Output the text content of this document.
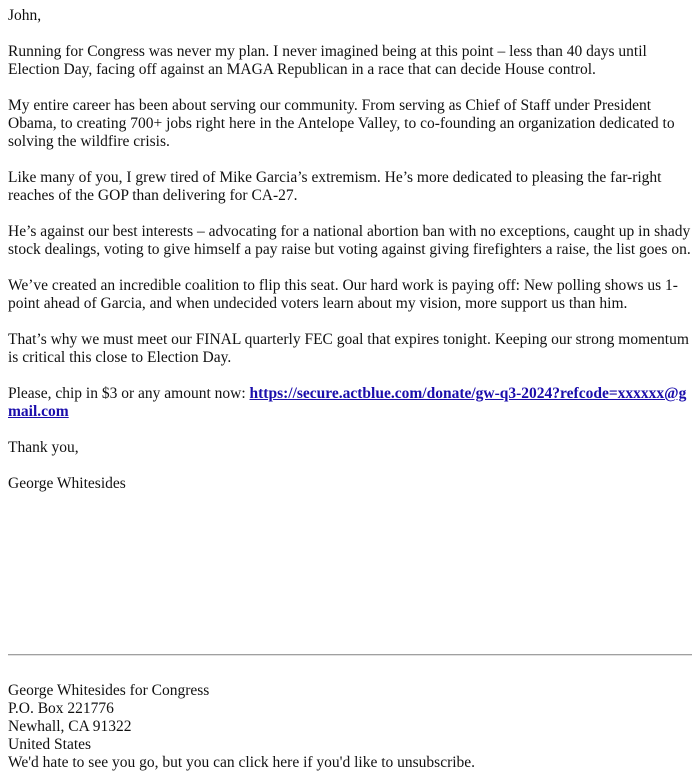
John,

Running for Congress was never my plan. I never imagined being at this point – less than 40 days until Election Day, facing off against an MAGA Republican in a race that can decide House control.

My entire career has been about serving our community. From serving as Chief of Staff under President Obama, to creating 700+ jobs right here in the Antelope Valley, to co-founding an organization dedicated to solving the wildfire crisis.

Like many of you, I grew tired of Mike Garcia’s extremism. He’s more dedicated to pleasing the far-right reaches of the GOP than delivering for CA-27.

He’s against our best interests – advocating for a national abortion ban with no exceptions, caught up in shady stock dealings, voting to give himself a pay raise but voting against giving firefighters a raise, the list goes on.

We’ve created an incredible coalition to flip this seat. Our hard work is paying off: New polling shows us 1-point ahead of Garcia, and when undecided voters learn about my vision, more support us than him.

That’s why we must meet our FINAL quarterly FEC goal that expires tonight. Keeping our strong momentum is critical this close to Election Day.

Please, chip in $3 or any amount now: https://secure.actblue.com/donate/gw-q3-2024?refcode=xxxxxx@gmail.com

Thank you,

George Whitesides

George Whitesides for Congress
P.O. Box 221776
Newhall, CA 91322
United States
We'd hate to see you go, but you can click here if you'd like to unsubscribe.
